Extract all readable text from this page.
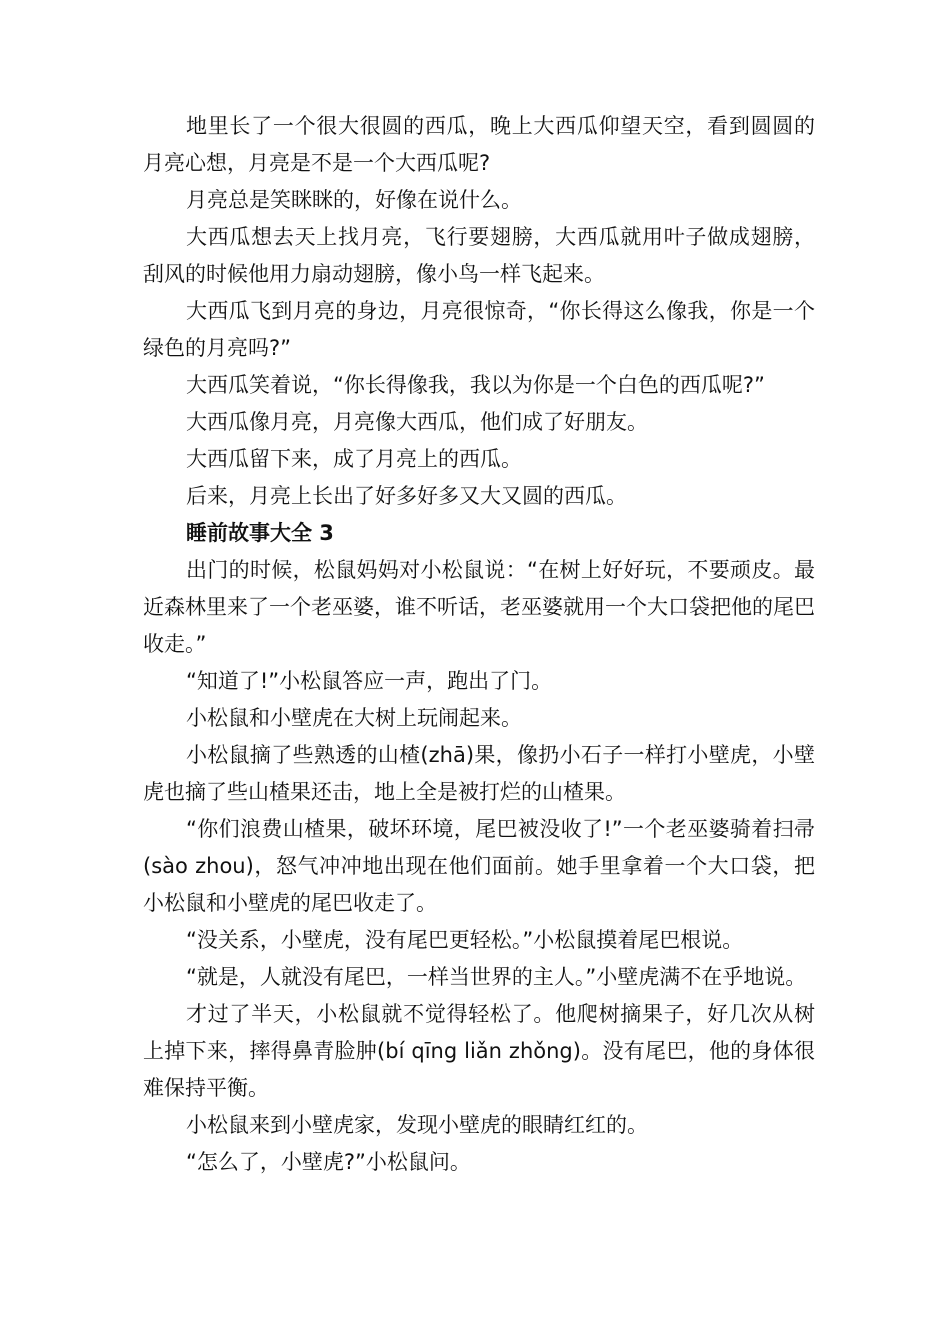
地里长了一个很大很圆的西瓜，晚上大西瓜仰望天空，看到圆圆的月亮心想，月亮是不是一个大西瓜呢?

月亮总是笑眯眯的，好像在说什么。

大西瓜想去天上找月亮，飞行要翅膀，大西瓜就用叶子做成翅膀，刮风的时候他用力扇动翅膀，像小鸟一样飞起来。

大西瓜飞到月亮的身边，月亮很惊奇，“你长得这么像我，你是一个绿色的月亮吗?”

大西瓜笑着说，“你长得像我，我以为你是一个白色的西瓜呢?”

大西瓜像月亮，月亮像大西瓜，他们成了好朋友。

大西瓜留下来，成了月亮上的西瓜。

后来，月亮上长出了好多好多又大又圆的西瓜。

睡前故事大全 3

出门的时候，松鼠妈妈对小松鼠说：“在树上好好玩，不要顽皮。最近森林里来了一个老巫婆，谁不听话，老巫婆就用一个大口袋把他的尾巴收走。”

“知道了!”小松鼠答应一声，跑出了门。

小松鼠和小壁虎在大树上玩闹起来。

小松鼠摘了些熟透的山楂(zhā)果，像扔小石子一样打小壁虎，小壁虎也摘了些山楂果还击，地上全是被打烂的山楂果。

“你们浪费山楂果，破坏环境，尾巴被没收了!”一个老巫婆骑着扫帚(sào zhou)，怒气冲冲地出现在他们面前。她手里拿着一个大口袋，把小松鼠和小壁虎的尾巴收走了。

“没关系，小壁虎，没有尾巴更轻松。”小松鼠摸着尾巴根说。

“就是，人就没有尾巴，一样当世界的主人。”小壁虎满不在乎地说。

才过了半天，小松鼠就不觉得轻松了。他爬树摘果子，好几次从树上掉下来，摔得鼻青脸肿(bí qīng liǎn zhǒng)。没有尾巴，他的身体很难保持平衡。

小松鼠来到小壁虎家，发现小壁虎的眼睛红红的。

“怎么了，小壁虎?”小松鼠问。
